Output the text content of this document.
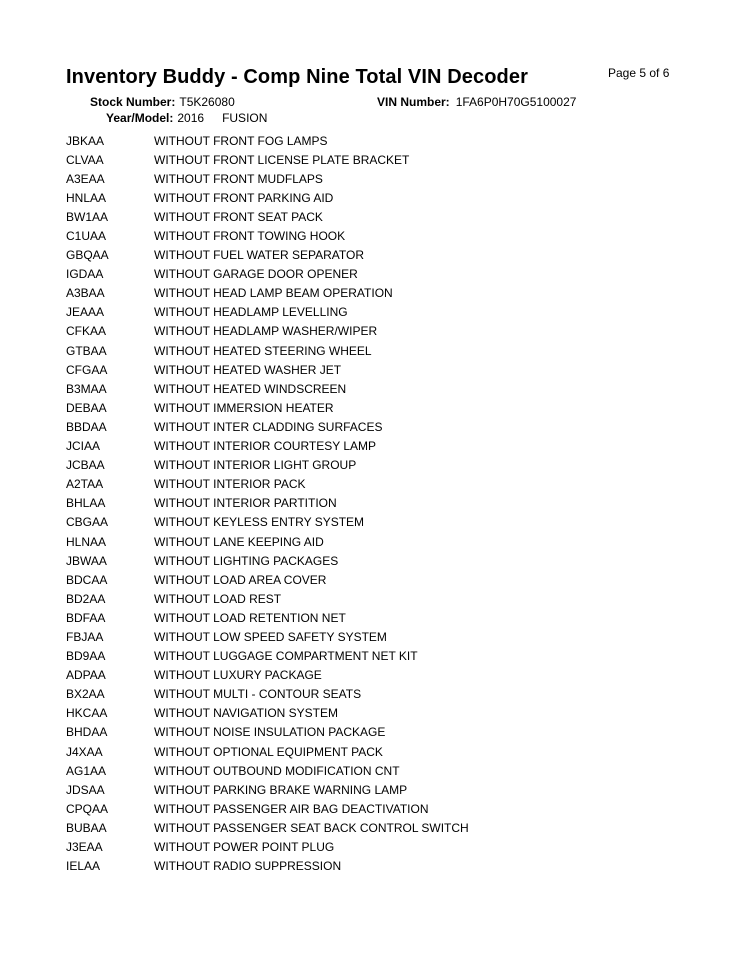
Inventory Buddy - Comp Nine Total VIN Decoder	Page 5 of 6
Stock Number: T5K26080	VIN Number: 1FA6P0H70G5100027
Year/Model: 2016 FUSION
JBKAA	WITHOUT FRONT FOG LAMPS
CLVAA	WITHOUT FRONT LICENSE PLATE BRACKET
A3EAA	WITHOUT FRONT MUDFLAPS
HNLAA	WITHOUT FRONT PARKING AID
BW1AA	WITHOUT FRONT SEAT PACK
C1UAA	WITHOUT FRONT TOWING HOOK
GBQAA	WITHOUT FUEL WATER SEPARATOR
IGDAA	WITHOUT GARAGE DOOR OPENER
A3BAA	WITHOUT HEAD LAMP BEAM OPERATION
JEAAA	WITHOUT HEADLAMP LEVELLING
CFKAA	WITHOUT HEADLAMP WASHER/WIPER
GTBAA	WITHOUT HEATED STEERING WHEEL
CFGAA	WITHOUT HEATED WASHER JET
B3MAA	WITHOUT HEATED WINDSCREEN
DEBAA	WITHOUT IMMERSION HEATER
BBDAA	WITHOUT INTER CLADDING SURFACES
JCIAA	WITHOUT INTERIOR COURTESY LAMP
JCBAA	WITHOUT INTERIOR LIGHT GROUP
A2TAA	WITHOUT INTERIOR PACK
BHLAA	WITHOUT INTERIOR PARTITION
CBGAA	WITHOUT KEYLESS ENTRY SYSTEM
HLNAA	WITHOUT LANE KEEPING AID
JBWAA	WITHOUT LIGHTING PACKAGES
BDCAA	WITHOUT LOAD AREA COVER
BD2AA	WITHOUT LOAD REST
BDFAA	WITHOUT LOAD RETENTION NET
FBJAA	WITHOUT LOW SPEED SAFETY SYSTEM
BD9AA	WITHOUT LUGGAGE COMPARTMENT NET KIT
ADPAA	WITHOUT LUXURY PACKAGE
BX2AA	WITHOUT MULTI - CONTOUR SEATS
HKCAA	WITHOUT NAVIGATION SYSTEM
BHDAA	WITHOUT NOISE INSULATION PACKAGE
J4XAA	WITHOUT OPTIONAL EQUIPMENT PACK
AG1AA	WITHOUT OUTBOUND MODIFICATION CNT
JDSAA	WITHOUT PARKING BRAKE WARNING LAMP
CPQAA	WITHOUT PASSENGER AIR BAG DEACTIVATION
BUBAA	WITHOUT PASSENGER SEAT BACK CONTROL SWITCH
J3EAA	WITHOUT POWER POINT PLUG
IELAA	WITHOUT RADIO SUPPRESSION
